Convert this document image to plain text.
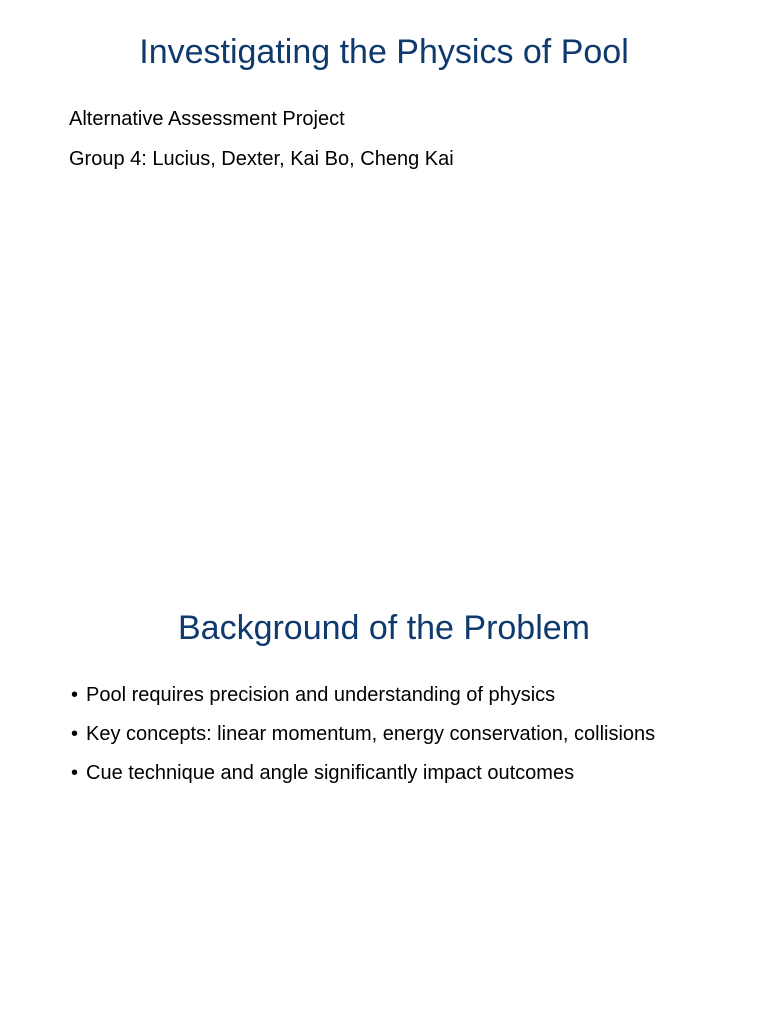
Investigating the Physics of Pool
Alternative Assessment Project
Group 4: Lucius, Dexter, Kai Bo, Cheng Kai
Background of the Problem
• Pool requires precision and understanding of physics
• Key concepts: linear momentum, energy conservation, collisions
• Cue technique and angle significantly impact outcomes
